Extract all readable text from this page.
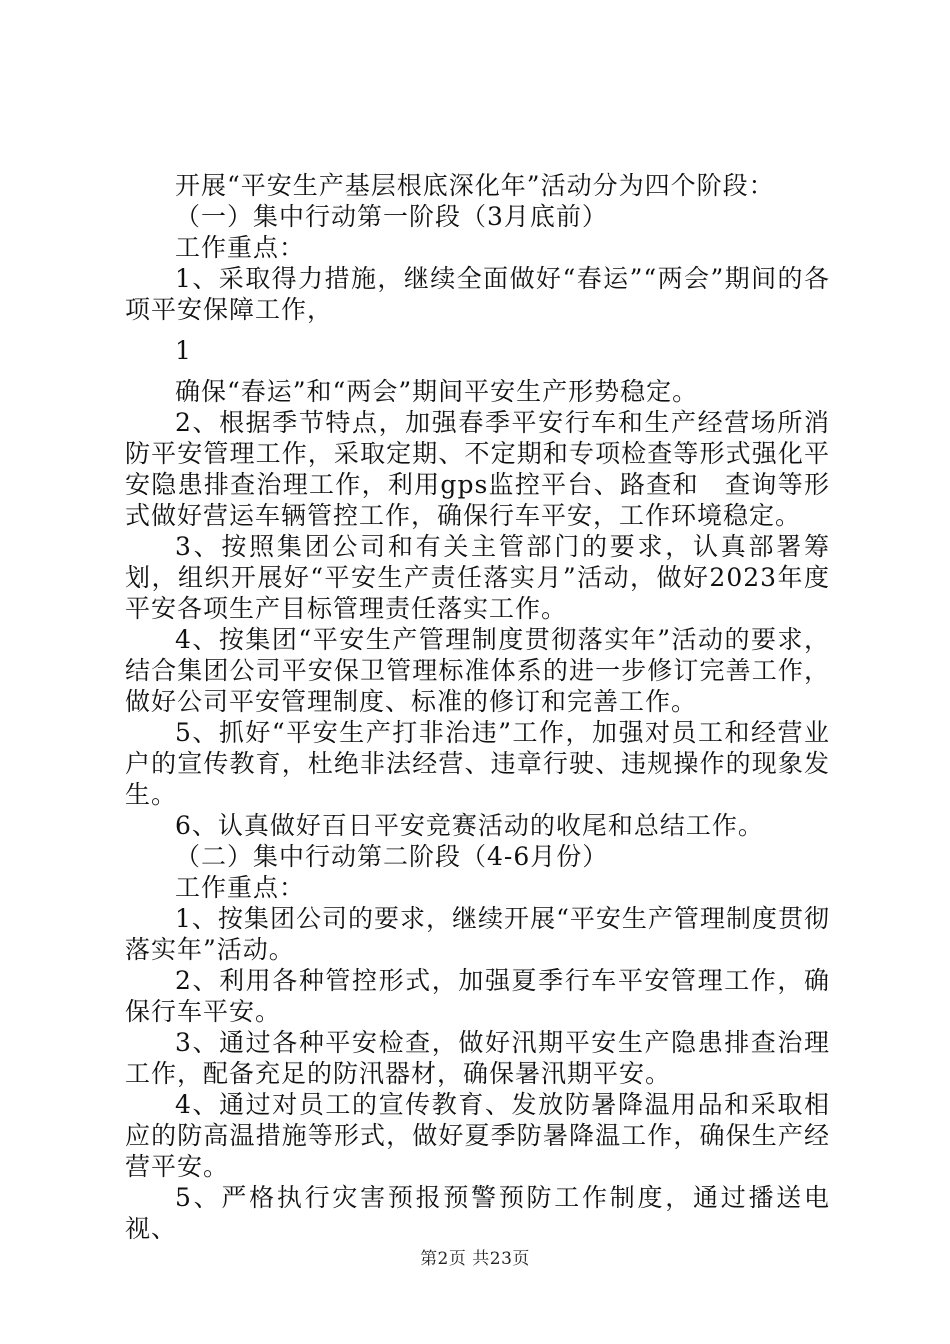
开展“平安生产基层根底深化年”活动分为四个阶段：

（一）集中行动第一阶段（3月底前）

工作重点：

1、采取得力措施，继续全面做好“春运”“两会”期间的各项平安保障工作，

1

确保“春运”和“两会”期间平安生产形势稳定。

2、根据季节特点，加强春季平安行车和生产经营场所消防平安管理工作，采取定期、不定期和专项检查等形式强化平安隐患排查治理工作，利用gps监控平台、路查和　查询等形式做好营运车辆管控工作，确保行车平安，工作环境稳定。

3、按照集团公司和有关主管部门的要求，认真部署筹划，组织开展好“平安生产责任落实月”活动，做好2023年度平安各项生产目标管理责任落实工作。

4、按集团“平安生产管理制度贯彻落实年”活动的要求，结合集团公司平安保卫管理标准体系的进一步修订完善工作，做好公司平安管理制度、标准的修订和完善工作。

5、抓好“平安生产打非治违”工作，加强对员工和经营业户的宣传教育，杜绝非法经营、违章行驶、违规操作的现象发生。

6、认真做好百日平安竞赛活动的收尾和总结工作。

（二）集中行动第二阶段（4-6月份）

工作重点：

1、按集团公司的要求，继续开展“平安生产管理制度贯彻落实年”活动。

2、利用各种管控形式，加强夏季行车平安管理工作，确保行车平安。

3、通过各种平安检查，做好汛期平安生产隐患排查治理工作，配备充足的防汛器材，确保暑汛期平安。

4、通过对员工的宣传教育、发放防暑降温用品和采取相应的防高温措施等形式，做好夏季防暑降温工作，确保生产经营平安。

5、严格执行灾害预报预警预防工作制度，通过播送电视、

第2页 共23页
